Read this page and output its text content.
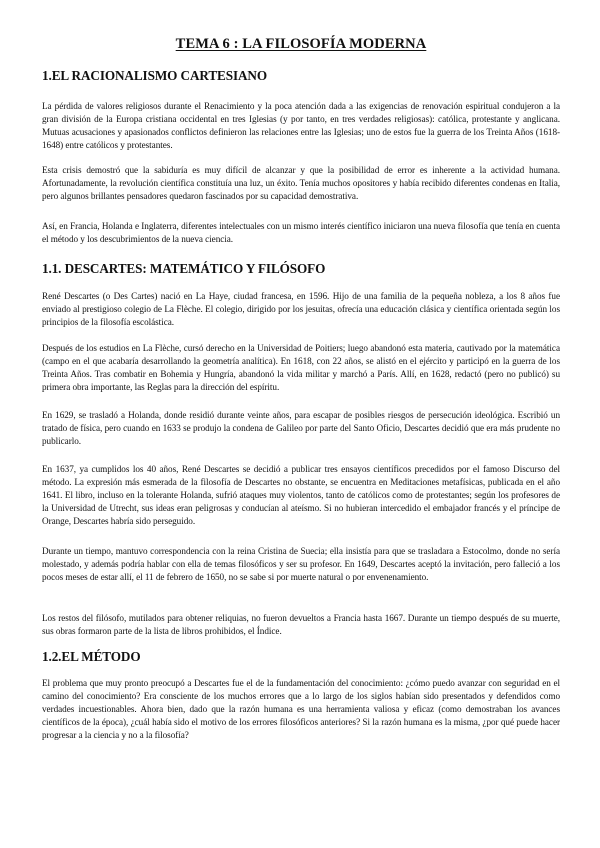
TEMA 6 : LA FILOSOFÍA MODERNA
1.EL RACIONALISMO CARTESIANO

La pérdida de valores religiosos durante el Renacimiento y la poca atención dada a las exigencias de renovación espiritual condujeron a la gran división de la Europa cristiana occidental en tres Iglesias (y por tanto, en tres verdades religiosas): católica, protestante y anglicana. Mutuas acusaciones y apasionados conflictos definieron las relaciones entre las Iglesias; uno de estos fue la guerra de los Treinta Años (1618-1648) entre católicos y protestantes.

Esta crisis demostró que la sabiduría es muy difícil de alcanzar y que la posibilidad de error es inherente a la actividad humana. Afortunadamente, la revolución científica constituía una luz, un éxito. Tenía muchos opositores y había recibido diferentes condenas en Italia, pero algunos brillantes pensadores quedaron fascinados por su capacidad demostrativa.

Así, en Francia, Holanda e Inglaterra, diferentes intelectuales con un mismo interés científico iniciaron una nueva filosofía que tenía en cuenta el método y los descubrimientos de la nueva ciencia.

1.1. DESCARTES: MATEMÁTICO Y FILÓSOFO

René Descartes (o Des Cartes) nació en La Haye, ciudad francesa, en 1596. Hijo de una familia de la pequeña nobleza, a los 8 años fue enviado al prestigioso colegio de La Flèche. El colegio, dirigido por los jesuitas, ofrecía una educación clásica y científica orientada según los principios de la filosofía escolástica.

Después de los estudios en La Flèche, cursó derecho en la Universidad de Poitiers; luego abandonó esta materia, cautivado por la matemática (campo en el que acabaría desarrollando la geometría analítica). En 1618, con 22 años, se alistó en el ejército y participó en la guerra de los Treinta Años. Tras combatir en Bohemia y Hungría, abandonó la vida militar y marchó a París. Allí, en 1628, redactó (pero no publicó) su primera obra importante, las Reglas para la dirección del espíritu.

En 1629, se trasladó a Holanda, donde residió durante veinte años, para escapar de posibles riesgos de persecución ideológica. Escribió un tratado de física, pero cuando en 1633 se produjo la condena de Galileo por parte del Santo Oficio, Descartes decidió que era más prudente no publicarlo.

En 1637, ya cumplidos los 40 años, René Descartes se decidió a publicar tres ensayos científicos precedidos por el famoso Discurso del método. La expresión más esmerada de la filosofía de Descartes no obstante, se encuentra en Meditaciones metafísicas, publicada en el año 1641. El libro, incluso en la tolerante Holanda, sufrió ataques muy violentos, tanto de católicos como de protestantes; según los profesores de la Universidad de Utrecht, sus ideas eran peligrosas y conducían al ateísmo. Si no hubieran intercedido el embajador francés y el príncipe de Orange, Descartes habría sido perseguido.

Durante un tiempo, mantuvo correspondencia con la reina Cristina de Suecia; ella insistía para que se trasladara a Estocolmo, donde no sería molestado, y además podría hablar con ella de temas filosóficos y ser su profesor. En 1649, Descartes aceptó la invitación, pero falleció a los pocos meses de estar allí, el 11 de febrero de 1650, no se sabe si por muerte natural o por envenenamiento.

Los restos del filósofo, mutilados para obtener reliquias, no fueron devueltos a Francia hasta 1667. Durante un tiempo después de su muerte, sus obras formaron parte de la lista de libros prohibidos, el Índice.

1.2.EL MÉTODO

El problema que muy pronto preocupó a Descartes fue el de la fundamentación del conocimiento: ¿cómo puedo avanzar con seguridad en el camino del conocimiento? Era consciente de los muchos errores que a lo largo de los siglos habían sido presentados y defendidos como verdades incuestionables. Ahora bien, dado que la razón humana es una herramienta valiosa y eficaz (como demostraban los avances científicos de la época), ¿cuál había sido el motivo de los errores filosóficos anteriores? Si la razón humana es la misma, ¿por qué puede hacer progresar a la ciencia y no a la filosofía?
